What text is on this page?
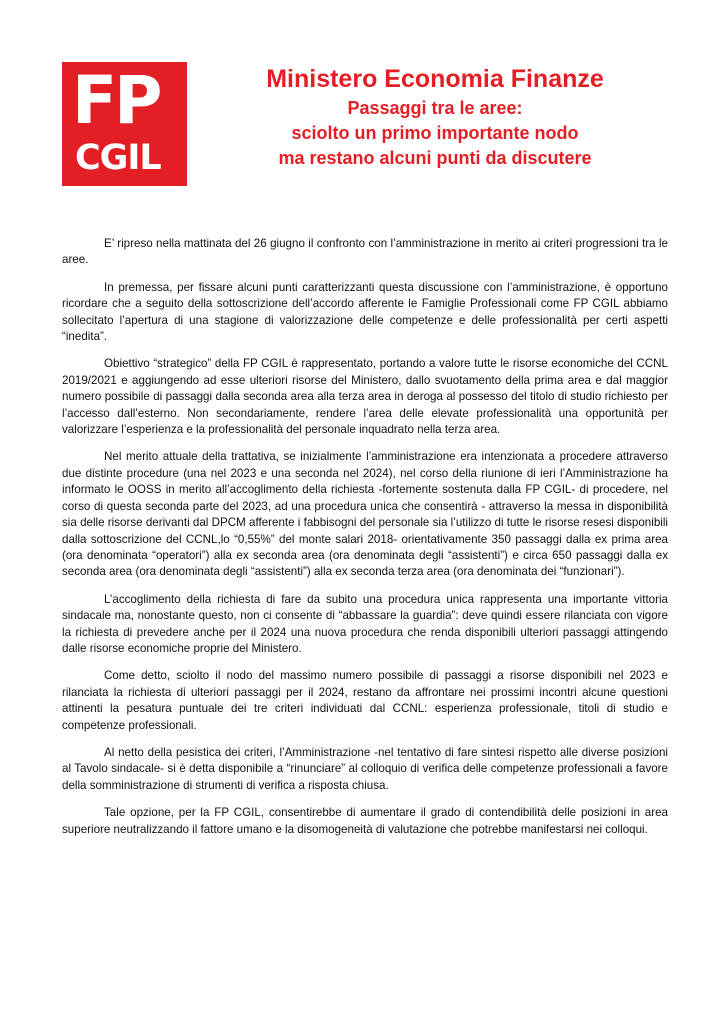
FP
CGIL
Ministero Economia Finanze
Passaggi tra le aree:
sciolto un primo importante nodo
ma restano alcuni punti da discutere

E’ ripreso nella mattinata del 26 giugno il confronto con l’amministrazione in merito ai criteri progressioni tra le aree.

In premessa, per fissare alcuni punti caratterizzanti questa discussione con l’amministrazione, è opportuno ricordare che a seguito della sottoscrizione dell’accordo afferente le Famiglie Professionali come FP CGIL abbiamo sollecitato l’apertura di una stagione di valorizzazione delle competenze e delle professionalità per certi aspetti “inedita”.

Obiettivo “strategico” della FP CGIL è rappresentato, portando a valore tutte le risorse economiche del CCNL 2019/2021 e aggiungendo ad esse ulteriori risorse del Ministero, dallo svuotamento della prima area e dal maggior numero possibile di passaggi dalla seconda area alla terza area in deroga al possesso del titolo di studio richiesto per l’accesso dall’esterno. Non secondariamente, rendere l’area delle elevate professionalità una opportunità per valorizzare l’esperienza e la professionalità del personale inquadrato nella terza area.

Nel merito attuale della trattativa, se inizialmente l’amministrazione era intenzionata a procedere attraverso due distinte procedure (una nel 2023 e una seconda nel 2024), nel corso della riunione di ieri l’Amministrazione ha informato le OOSS in merito all’accoglimento della richiesta -fortemente sostenuta dalla FP CGIL- di procedere, nel corso di questa seconda parte del 2023, ad una procedura unica che consentirà - attraverso la messa in disponibilità sia delle risorse derivanti dal DPCM afferente i fabbisogni del personale sia l’utilizzo di tutte le risorse resesi disponibili dalla sottoscrizione del CCNL,lo “0,55%” del monte salari 2018- orientativamente 350 passaggi dalla ex prima area (ora denominata “operatori”) alla ex seconda area (ora denominata degli “assistenti”) e circa 650 passaggi dalla ex seconda area (ora denominata degli “assistenti”) alla ex seconda terza area (ora denominata dei “funzionari”).

L’accoglimento della richiesta di fare da subito una procedura unica rappresenta una importante vittoria sindacale ma, nonostante questo, non ci consente di “abbassare la guardia”: deve quindi essere rilanciata con vigore la richiesta di prevedere anche per il 2024 una nuova procedura che renda disponibili ulteriori passaggi attingendo dalle risorse economiche proprie del Ministero.

Come detto, sciolto il nodo del massimo numero possibile di passaggi a risorse disponibili nel 2023 e rilanciata la richiesta di ulteriori passaggi per il 2024, restano da affrontare nei prossimi incontri alcune questioni attinenti la pesatura puntuale dei tre criteri individuati dal CCNL: esperienza professionale, titoli di studio e competenze professionali.

Al netto della pesistica dei criteri, l’Amministrazione -nel tentativo di fare sintesi rispetto alle diverse posizioni al Tavolo sindacale- si è detta disponibile a “rinunciare” al colloquio di verifica delle competenze professionali a favore della somministrazione di strumenti di verifica a risposta chiusa.

Tale opzione, per la FP CGIL, consentirebbe di aumentare il grado di contendibilità delle posizioni in area superiore neutralizzando il fattore umano e la disomogeneità di valutazione che potrebbe manifestarsi nei colloqui.
